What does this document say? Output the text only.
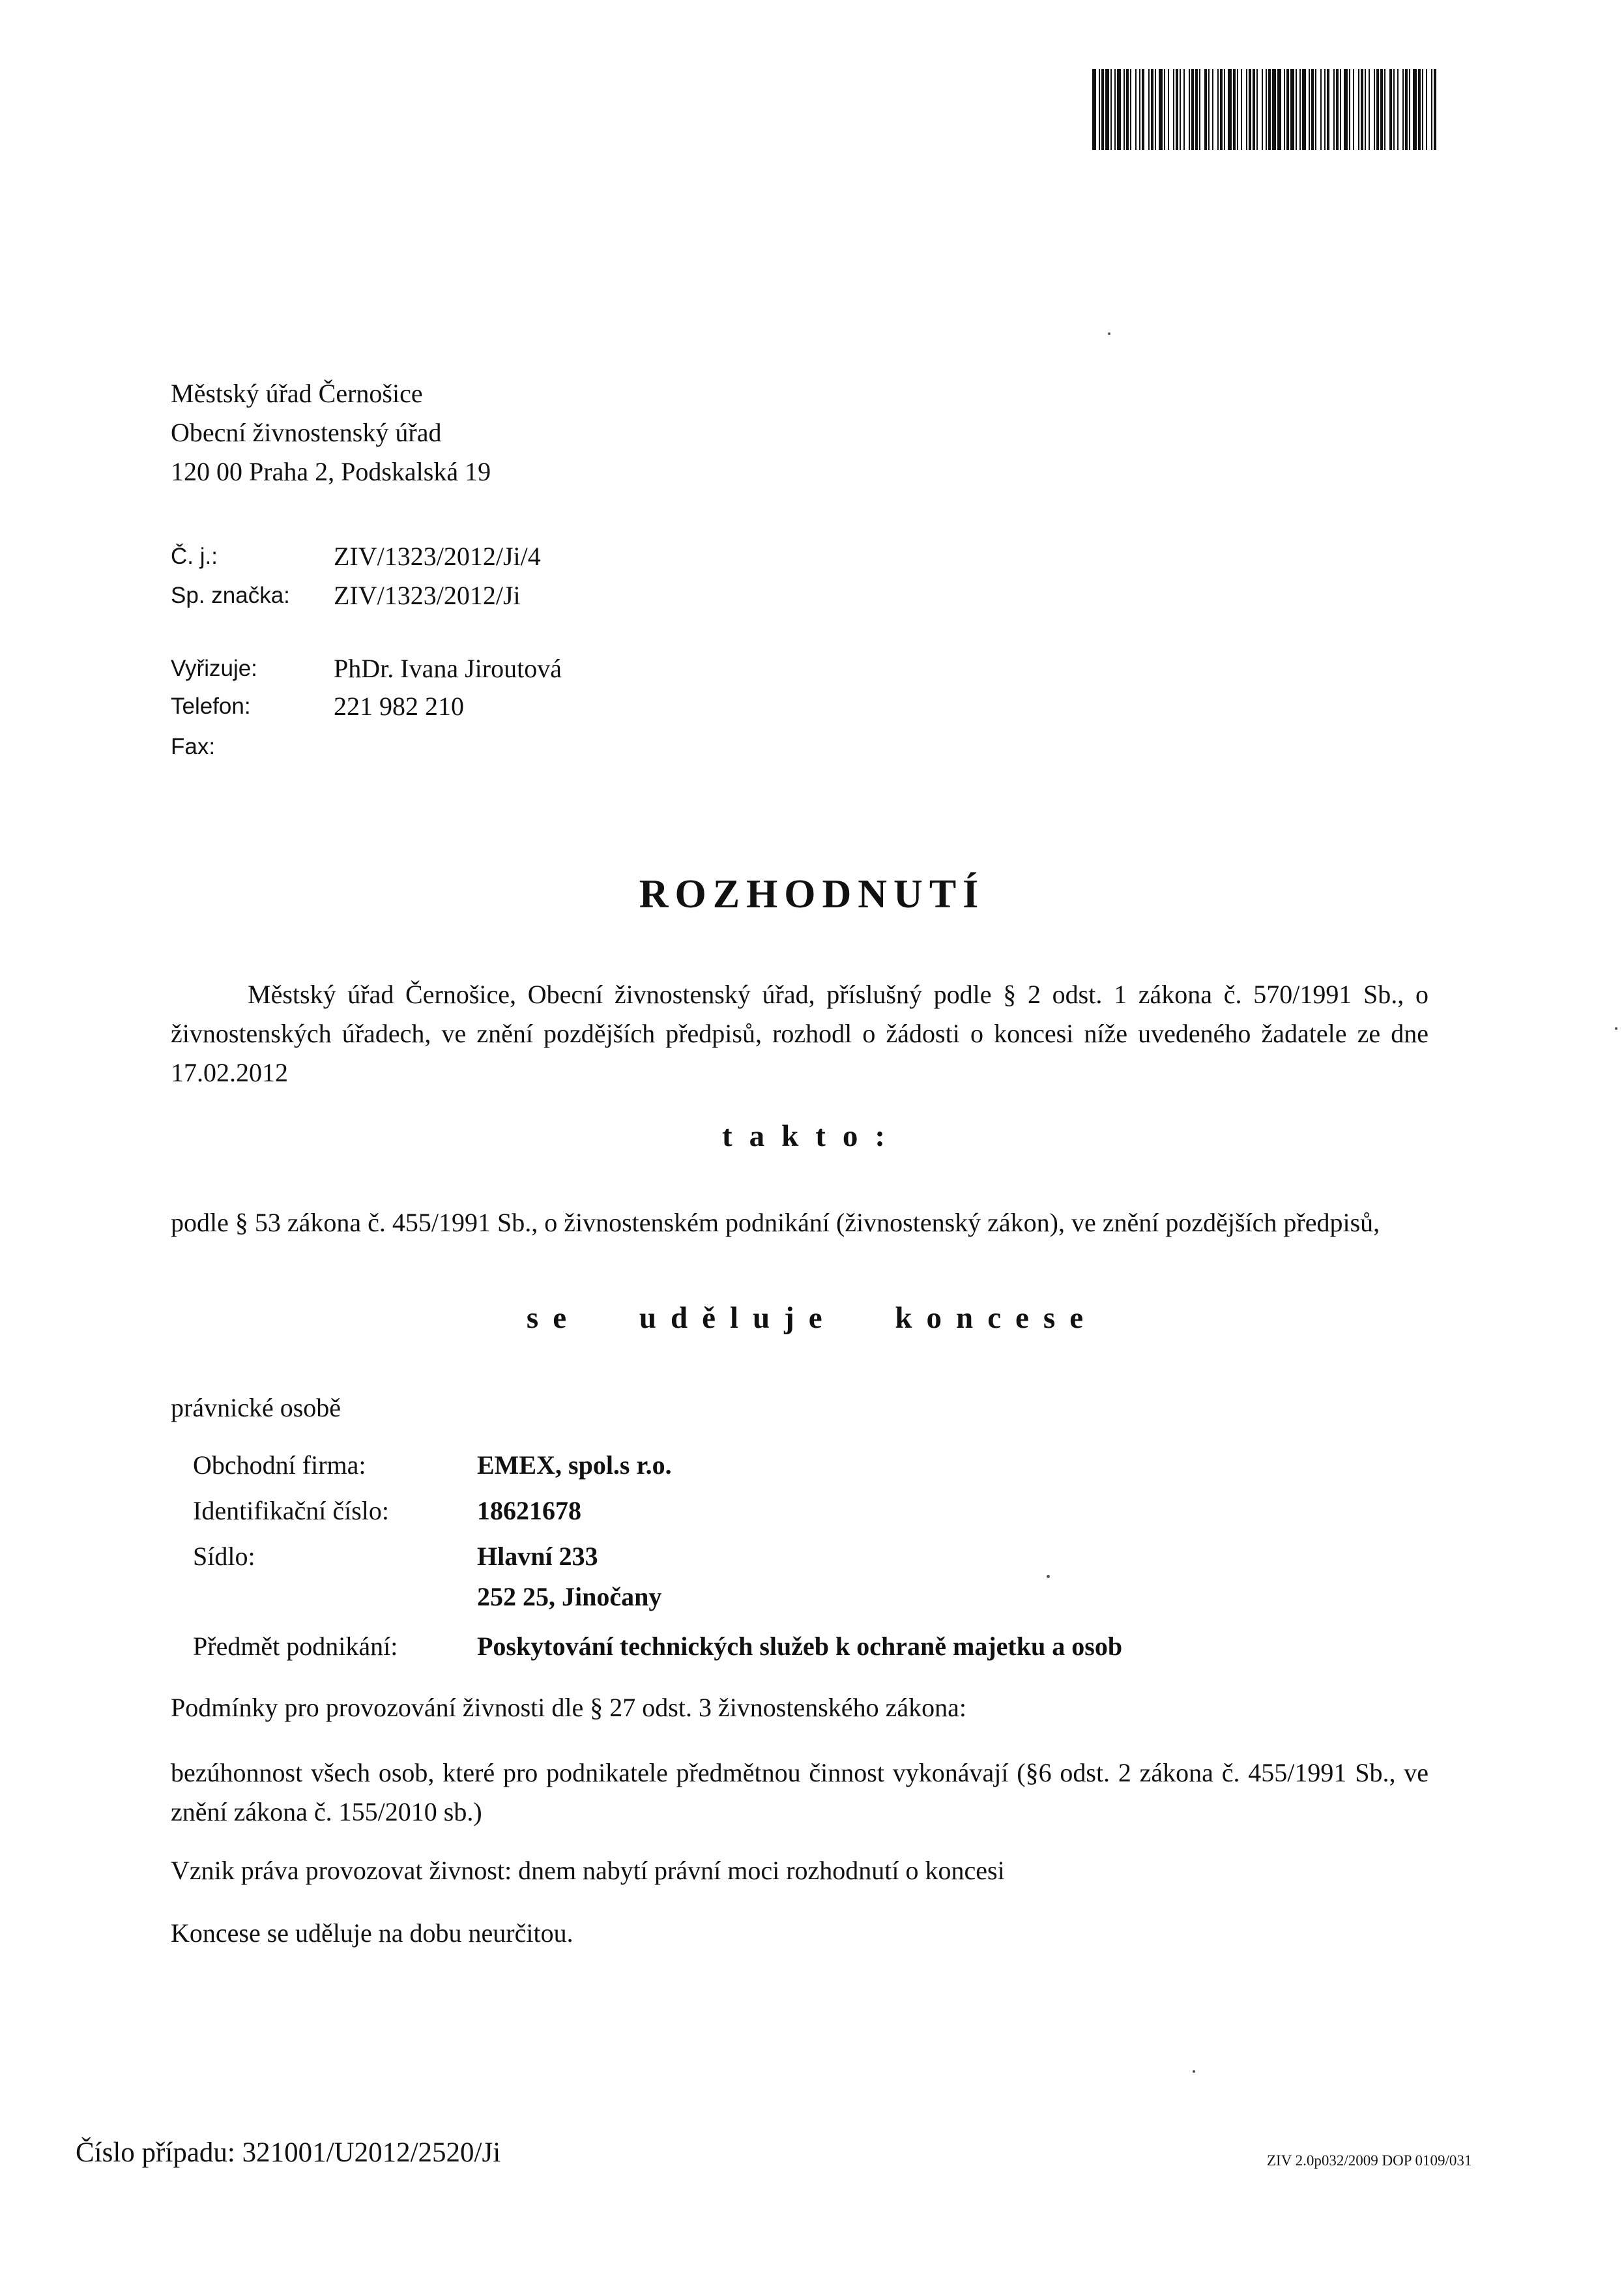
Městský úřad Černošice
Obecní živnostenský úřad
120 00 Praha 2, Podskalská 19
Č. j.:	ZIV/1323/2012/Ji/4
Sp. značka: ZIV/1323/2012/Ji
Vyřizuje:	PhDr. Ivana Jiroutová
Telefon:	221 982 210
Fax:
ROZHODNUTÍ
Městský úřad Černošice, Obecní živnostenský úřad, příslušný podle § 2 odst. 1 zákona č. 570/1991 Sb., o živnostenských úřadech, ve znění pozdějších předpisů, rozhodl o žádosti o koncesi níže uvedeného žadatele ze dne 17.02.2012
takto:
podle § 53 zákona č. 455/1991 Sb., o živnostenském podnikání (živnostenský zákon), ve znění pozdějších předpisů,
se uděluje koncese
právnické osobě
Obchodní firma:	EMEX, spol.s r.o.
Identifikační číslo:	18621678
Sídlo:	Hlavní 233
252 25, Jinočany
Předmět podnikání:	Poskytování technických služeb k ochraně majetku a osob
Podmínky pro provozování živnosti dle § 27 odst. 3 živnostenského zákona:
bezúhonnost všech osob, které pro podnikatele předmětnou činnost vykonávají (§6 odst. 2 zákona č. 455/1991 Sb., ve znění zákona č. 155/2010 sb.)
Vznik práva provozovat živnost: dnem nabytí právní moci rozhodnutí o koncesi
Koncese se uděluje na dobu neurčitou.
Číslo případu: 321001/U2012/2520/Ji	ZIV 2.0p032/2009 DOP 0109/031
